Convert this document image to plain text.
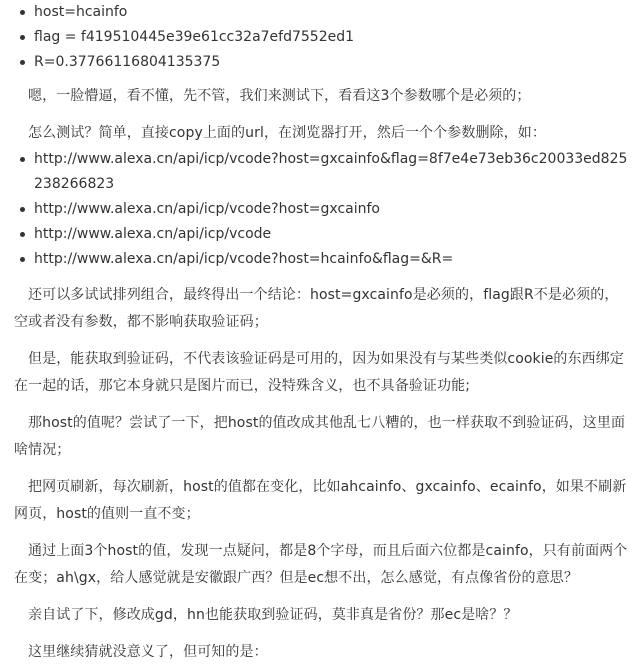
host=hcainfo
flag = f419510445e39e61cc32a7efd7552ed1
R=0.37766116804135375

嗯，一脸懵逼，看不懂，先不管，我们来测试下，看看这3个参数哪个是必须的；

怎么测试？简单，直接copy上面的url，在浏览器打开，然后一个个参数删除，如：

http://www.alexa.cn/api/icp/vcode?host=gxcainfo&flag=8f7e4e73eb36c20033ed825238266823
http://www.alexa.cn/api/icp/vcode?host=gxcainfo
http://www.alexa.cn/api/icp/vcode
http://www.alexa.cn/api/icp/vcode?host=hcainfo&flag=&R=

还可以多试试排列组合，最终得出一个结论：host=gxcainfo是必须的，flag跟R不是必须的，空或者没有参数，都不影响获取验证码；

但是，能获取到验证码，不代表该验证码是可用的，因为如果没有与某些类似cookie的东西绑定在一起的话，那它本身就只是图片而已，没特殊含义，也不具备验证功能;

那host的值呢？尝试了一下，把host的值改成其他乱七八糟的，也一样获取不到验证码，这里面啥情况；

把网页刷新，每次刷新，host的值都在变化，比如ahcainfo、gxcainfo、ecainfo，如果不刷新网页，host的值则一直不变；

通过上面3个host的值，发现一点疑问，都是8个字母，而且后面六位都是cainfo，只有前面两个在变；ah\gx，给人感觉就是安徽跟广西？但是ec想不出，怎么感觉，有点像省份的意思？

亲自试了下，修改成gd，hn也能获取到验证码，莫非真是省份？那ec是啥？？

这里继续猜就没意义了，但可知的是：
